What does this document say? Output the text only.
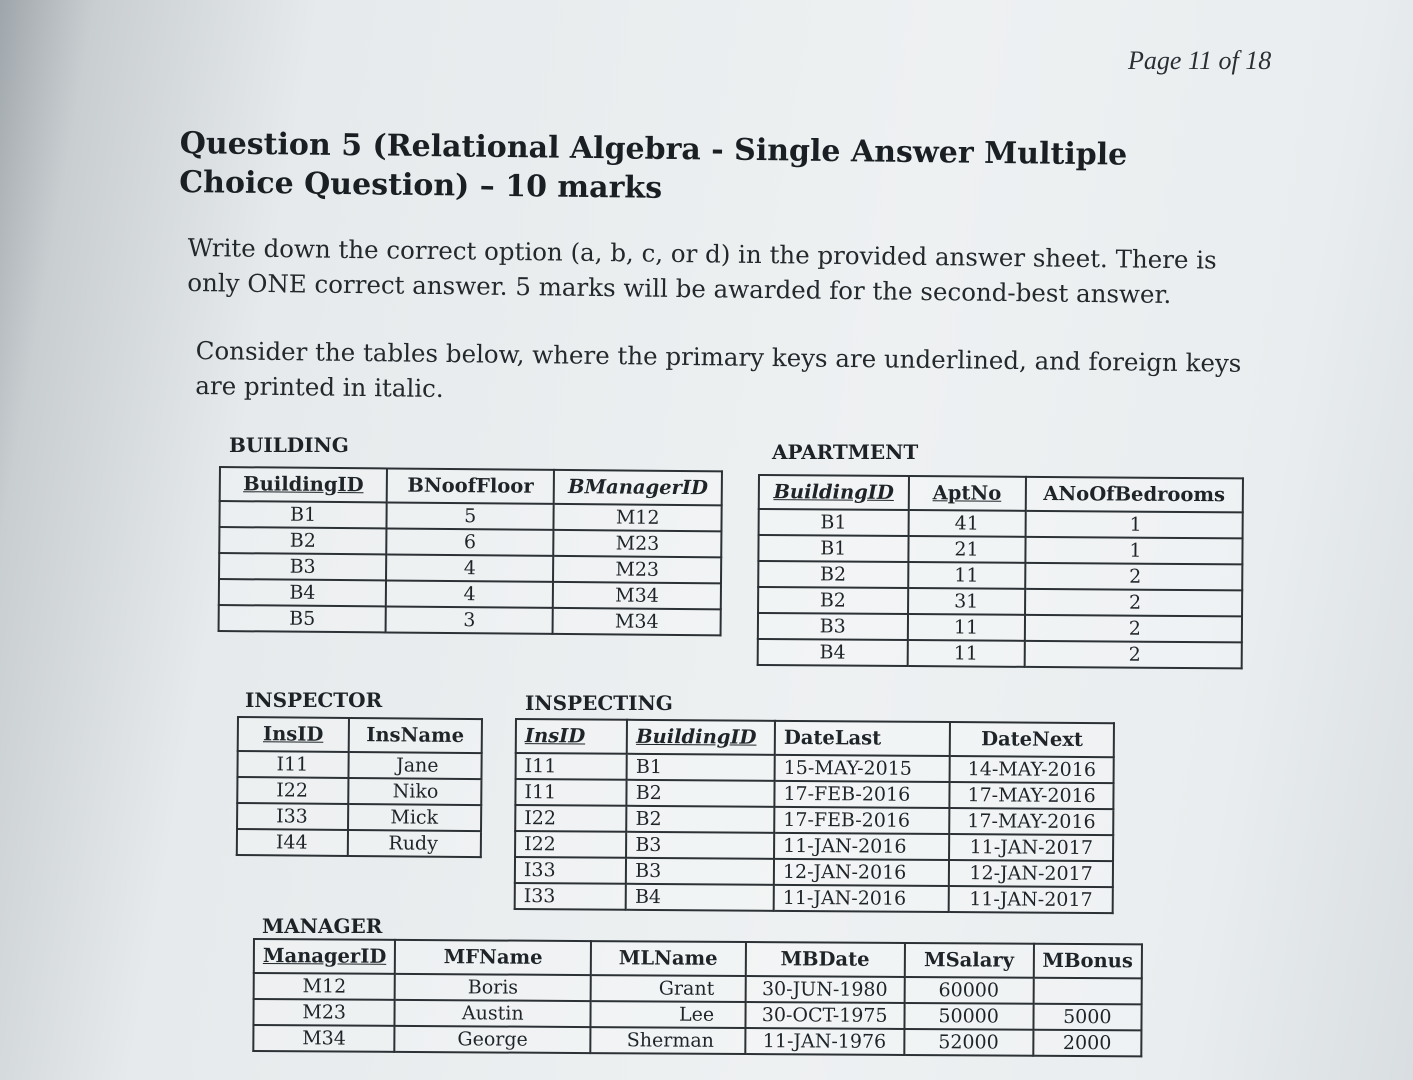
Page 11 of 18
Question 5 (Relational Algebra - Single Answer Multiple Choice Question) – 10 marks
Write down the correct option (a, b, c, or d) in the provided answer sheet. There is only ONE correct answer. 5 marks will be awarded for the second-best answer.
Consider the tables below, where the primary keys are underlined, and foreign keys are printed in italic.
BUILDING
BuildingID	BNoofFloor	BManagerID
B1	5	M12
B2	6	M23
B3	4	M23
B4	4	M34
B5	3	M34
APARTMENT
BuildingID	AptNo	ANoOfBedrooms
B1	41	1
B1	21	1
B2	11	2
B2	31	2
B3	11	2
B4	11	2
INSPECTOR
InsID	InsName
I11	Jane
I22	Niko
I33	Mick
I44	Rudy
INSPECTING
InsID	BuildingID	DateLast	DateNext
I11	B1	15-MAY-2015	14-MAY-2016
I11	B2	17-FEB-2016	17-MAY-2016
I22	B2	17-FEB-2016	17-MAY-2016
I22	B3	11-JAN-2016	11-JAN-2017
I33	B3	12-JAN-2016	12-JAN-2017
I33	B4	11-JAN-2016	11-JAN-2017
MANAGER
ManagerID	MFName	MLName	MBDate	MSalary	MBonus
M12	Boris	Grant	30-JUN-1980	60000	
M23	Austin	Lee	30-OCT-1975	50000	5000
M34	George	Sherman	11-JAN-1976	52000	2000
